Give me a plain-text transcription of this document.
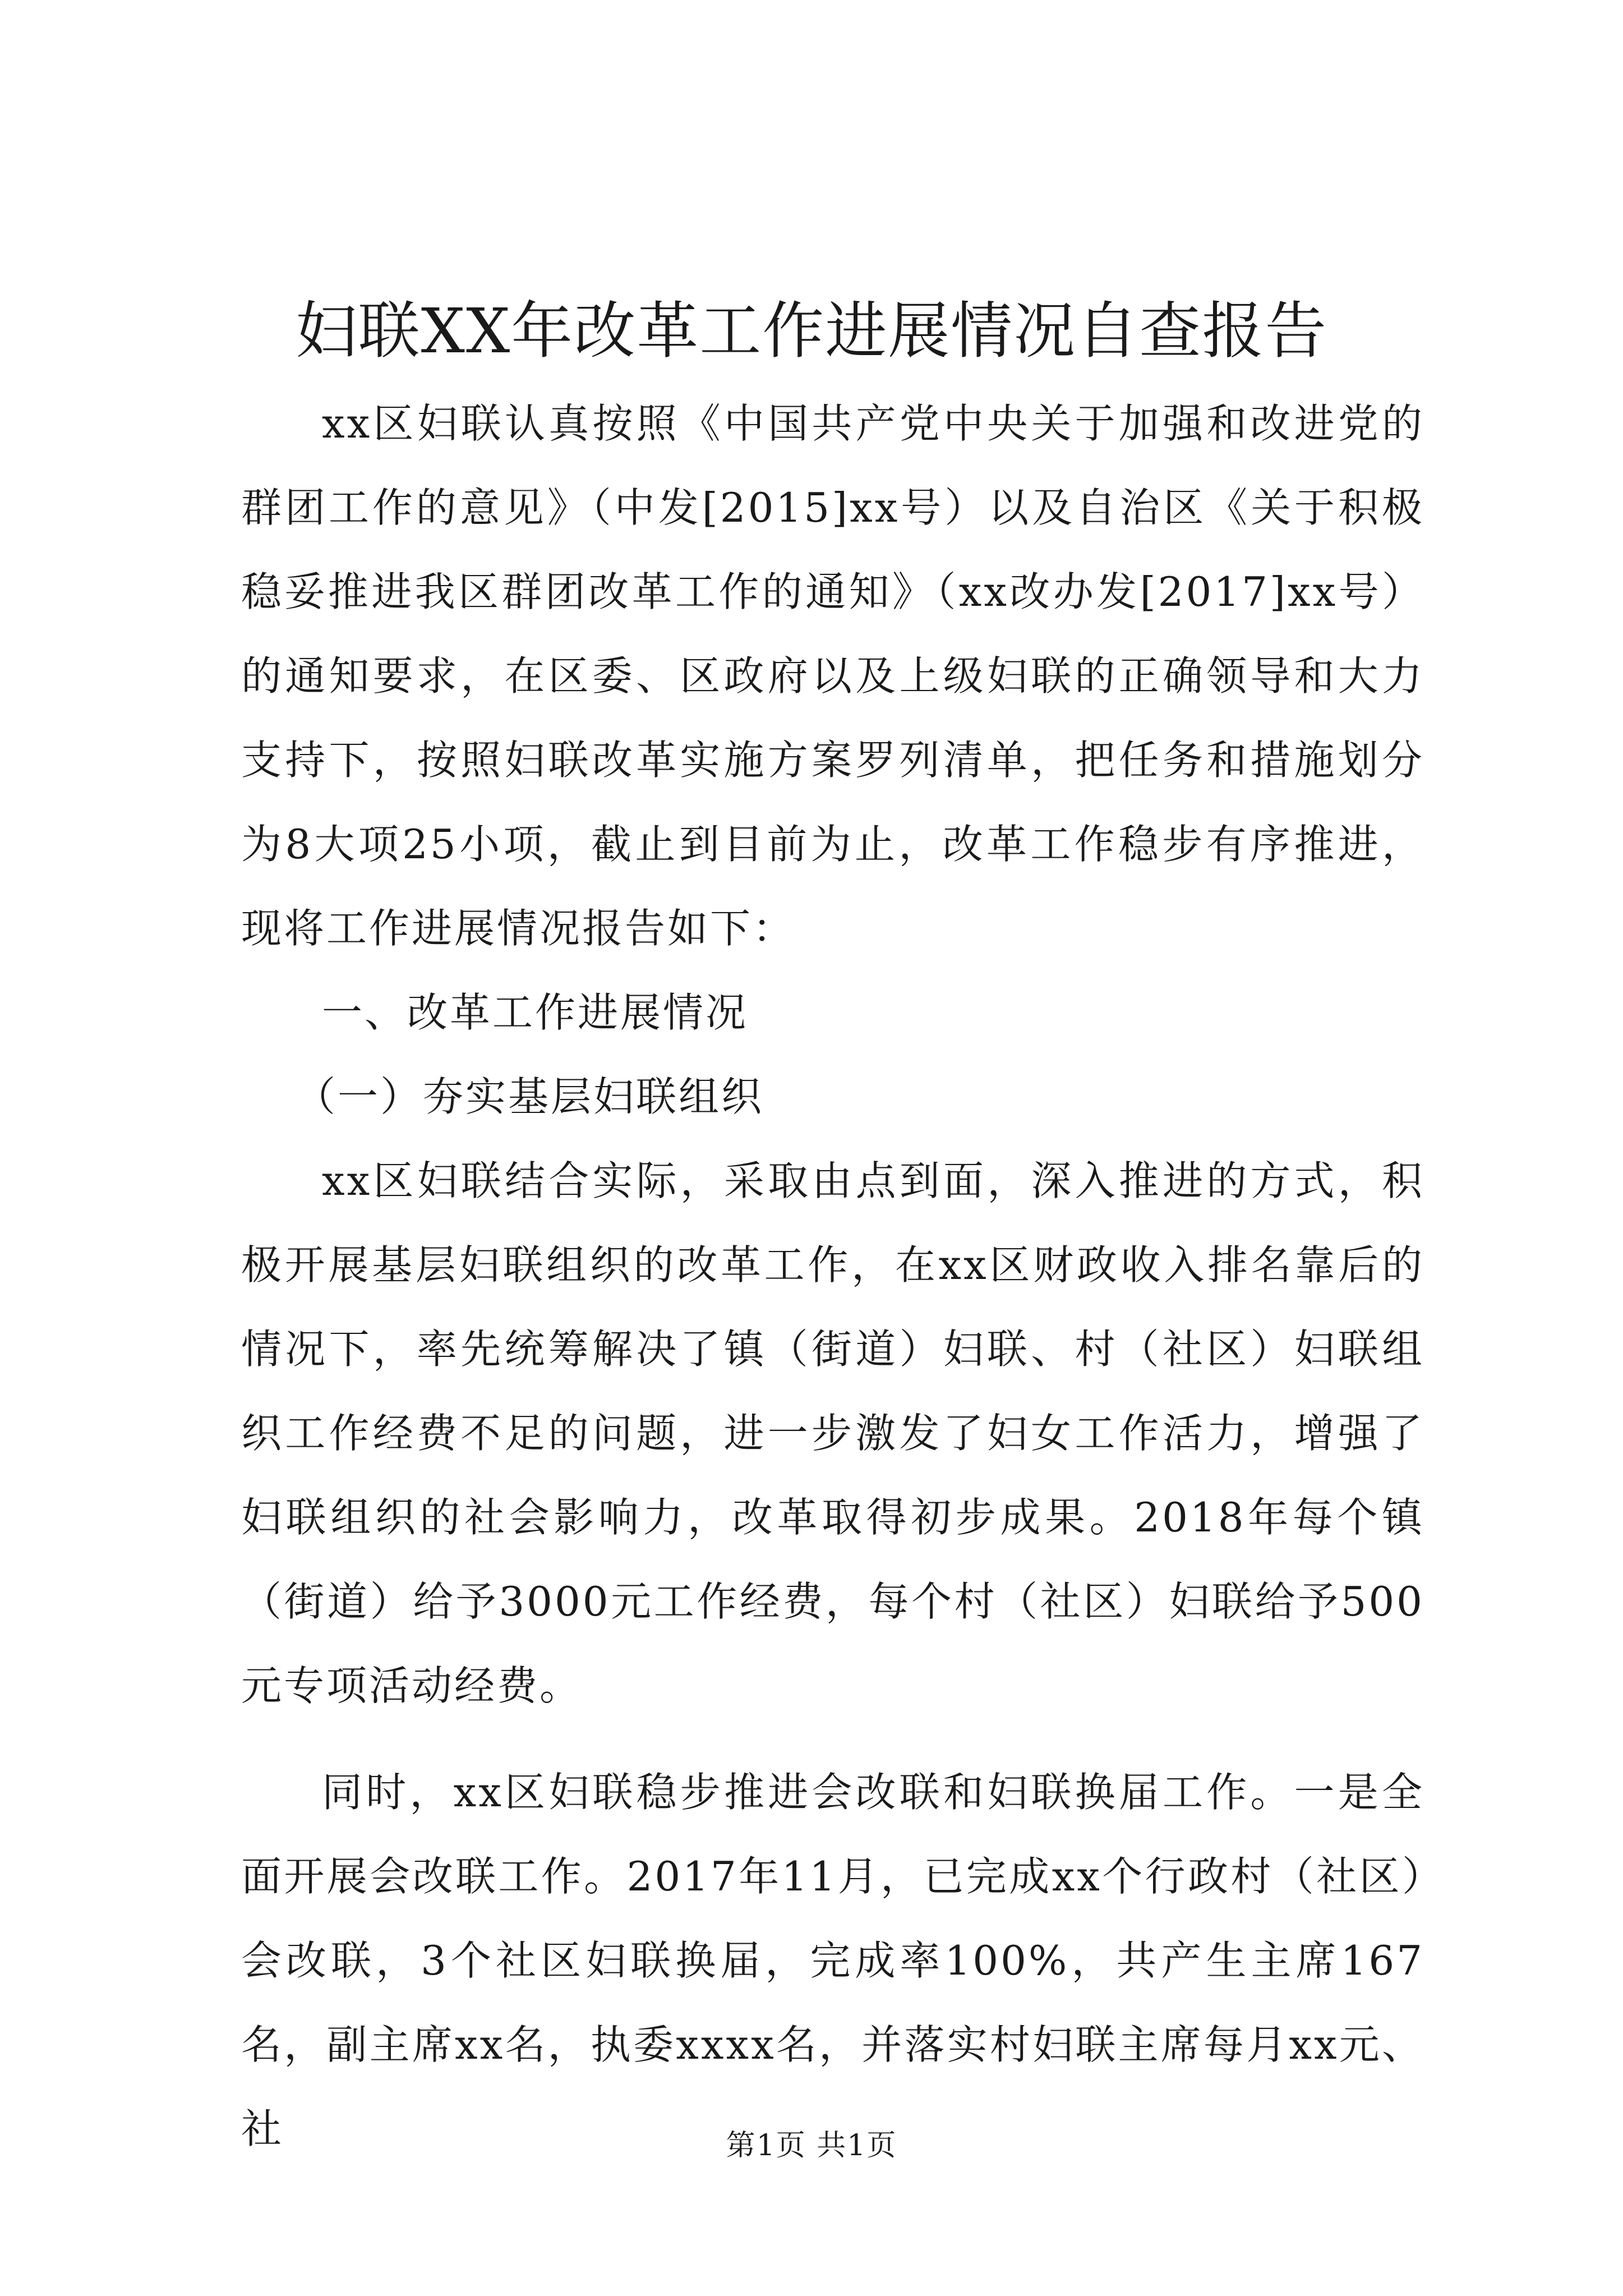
妇联XX年改革工作进展情况自查报告

xx区妇联认真按照《中国共产党中央关于加强和改进党的群团工作的意见》（中发[2015]xx号）以及自治区《关于积极稳妥推进我区群团改革工作的通知》（xx改办发[2017]xx号）的通知要求，在区委、区政府以及上级妇联的正确领导和大力支持下，按照妇联改革实施方案罗列清单，把任务和措施划分为8大项25小项，截止到目前为止，改革工作稳步有序推进，现将工作进展情况报告如下：

一、改革工作进展情况

（一）夯实基层妇联组织

xx区妇联结合实际，采取由点到面，深入推进的方式，积极开展基层妇联组织的改革工作，在xx区财政收入排名靠后的情况下，率先统筹解决了镇（街道）妇联、村（社区）妇联组织工作经费不足的问题，进一步激发了妇女工作活力，增强了妇联组织的社会影响力，改革取得初步成果。2018年每个镇（街道）给予3000元工作经费，每个村（社区）妇联给予500元专项活动经费。

同时，xx区妇联稳步推进会改联和妇联换届工作。一是全面开展会改联工作。2017年11月，已完成xx个行政村（社区）会改联，3个社区妇联换届，完成率100%，共产生主席167名，副主席xx名，执委xxxx名，并落实村妇联主席每月xx元、社	第1页 共1页
